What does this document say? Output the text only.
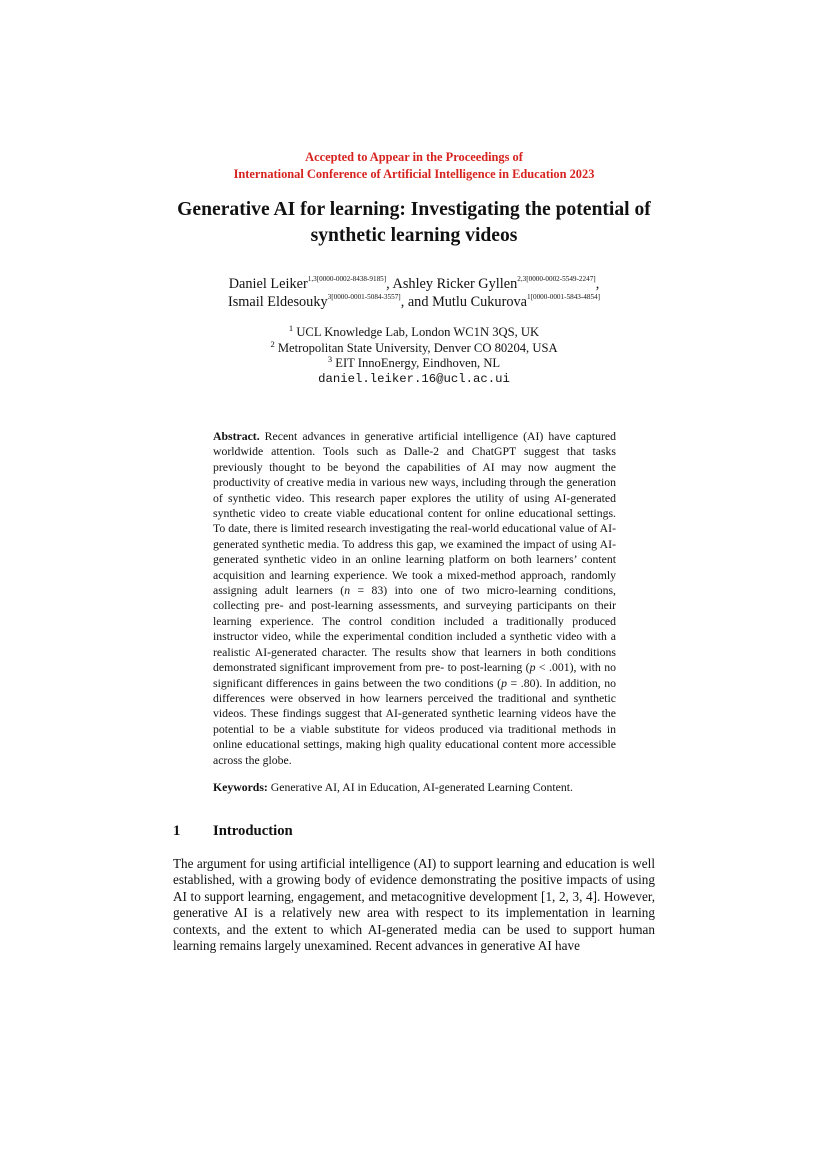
Accepted to Appear in the Proceedings of
International Conference of Artificial Intelligence in Education 2023
Generative AI for learning: Investigating the potential of
synthetic learning videos
Daniel Leiker$^{1,3[0000-0002-8438-9185]}$, Ashley Ricker Gyllen$^{2,3[0000-0002-5549-2247]}$,
Ismail Eldesouky$^{3[0000-0001-5084-3557]}$, and Mutlu Cukurova$^{1[0000-0001-5843-4854]}$
$^1$ UCL Knowledge Lab, London WC1N 3QS, UK
$^2$ Metropolitan State University, Denver CO 80204, USA
$^3$ EIT InnoEnergy, Eindhoven, NL
daniel.leiker.16@ucl.ac.ui

Abstract. Recent advances in generative artificial intelligence (AI) have captured worldwide attention. Tools such as Dalle-2 and ChatGPT suggest that tasks previously thought to be beyond the capabilities of AI may now augment the productivity of creative media in various new ways, including through the generation of synthetic video. This research paper explores the utility of using AI-generated synthetic video to create viable educational content for online educational settings. To date, there is limited research investigating the real-world educational value of AI-generated synthetic media. To address this gap, we examined the impact of using AI-generated synthetic video in an online learning platform on both learners’ content acquisition and learning experience. We took a mixed-method approach, randomly assigning adult learners (n = 83) into one of two micro-learning conditions, collecting pre- and post-learning assessments, and surveying participants on their learning experience. The control condition included a traditionally produced instructor video, while the experimental condition included a synthetic video with a realistic AI-generated character. The results show that learners in both conditions demonstrated significant improvement from pre- to post-learning (p < .001), with no significant differences in gains between the two conditions (p = .80). In addition, no differences were observed in how learners perceived the traditional and synthetic videos. These findings suggest that AI-generated synthetic learning videos have the potential to be a viable substitute for videos produced via traditional methods in online educational settings, making high quality educational content more accessible across the globe.

Keywords: Generative AI, AI in Education, AI-generated Learning Content.

1 Introduction

The argument for using artificial intelligence (AI) to support learning and education is well established, with a growing body of evidence demonstrating the positive impacts of using AI to support learning, engagement, and metacognitive development [1, 2, 3, 4]. However, generative AI is a relatively new area with respect to its implementation in learning contexts, and the extent to which AI-generated media can be used to support human learning remains largely unexamined. Recent advances in generative AI have
